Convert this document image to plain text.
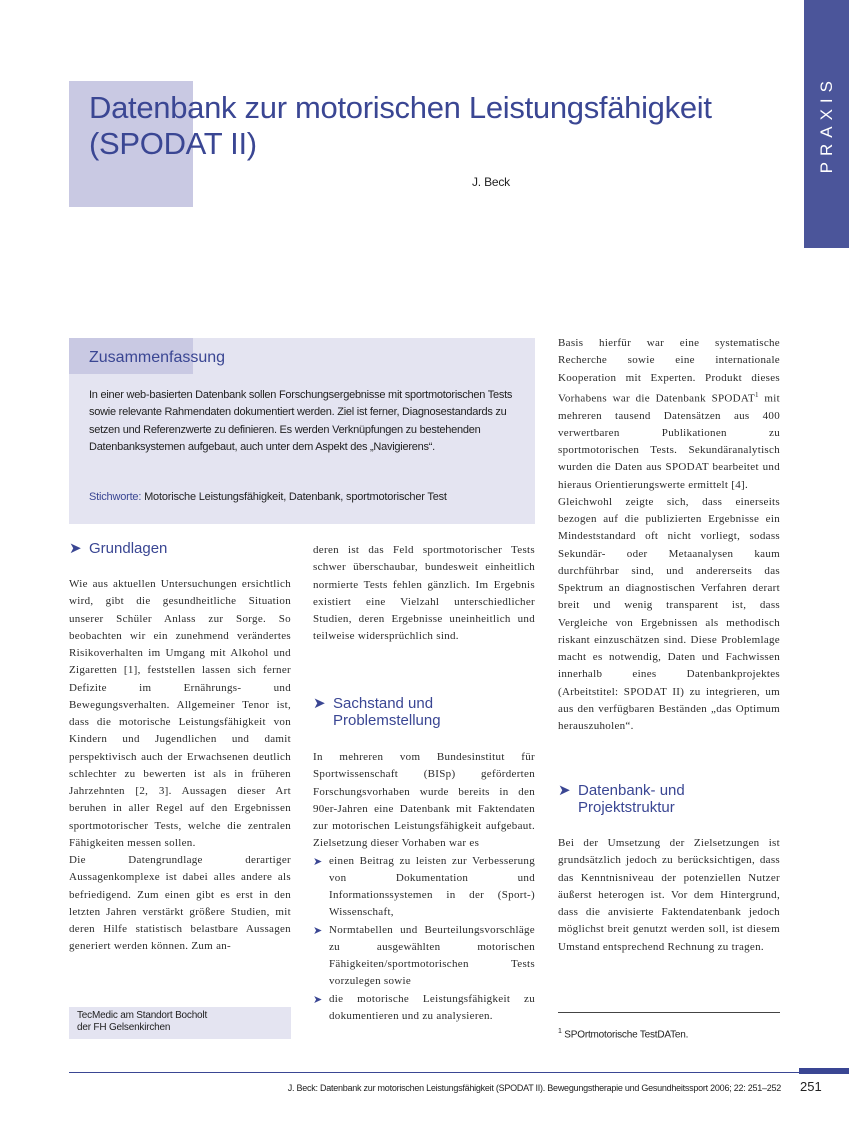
PRAXIS
Datenbank zur motorischen Leistungsfähigkeit (SPODAT II)
J. Beck
Zusammenfassung
In einer web-basierten Datenbank sollen Forschungsergebnisse mit sportmotorischen Tests sowie relevante Rahmendaten dokumentiert werden. Ziel ist ferner, Diagnosestandards zu setzen und Referenzwerte zu definieren. Es werden Verknüpfungen zu bestehenden Datenbanksystemen aufgebaut, auch unter dem Aspekt des „Navigierens“.
Stichworte: Motorische Leistungsfähigkeit, Datenbank, sportmotorischer Test
➤ Grundlagen

Wie aus aktuellen Untersuchungen ersichtlich wird, gibt die gesundheitliche Situation unserer Schüler Anlass zur Sorge. So beobachten wir ein zunehmend verändertes Risikoverhalten im Umgang mit Alkohol und Zigaretten [1], feststellen lassen sich ferner Defizite im Ernährungs- und Bewegungsverhalten. Allgemeiner Tenor ist, dass die motorische Leistungsfähigkeit von Kindern und Jugendlichen und damit perspektivisch auch der Erwachsenen deutlich schlechter zu bewerten ist als in früheren Jahrzehnten [2, 3]. Aussagen dieser Art beruhen in aller Regel auf den Ergebnissen sportmotorischer Tests, welche die zentralen Fähigkeiten messen sollen.

Die Datengrundlage derartiger Aussagenkomplexe ist dabei alles andere als befriedigend. Zum einen gibt es erst in den letzten Jahren verstärkt größere Studien, mit deren Hilfe statistisch belastbare Aussagen generiert werden können. Zum an-

deren ist das Feld sportmotorischer Tests schwer überschaubar, bundesweit einheitlich normierte Tests fehlen gänzlich. Im Ergebnis existiert eine Vielzahl unterschiedlicher Studien, deren Ergebnisse uneinheitlich und teilweise widersprüchlich sind.

➤ Sachstand und Problemstellung

In mehreren vom Bundesinstitut für Sportwissenschaft (BISp) geförderten Forschungsvorhaben wurde bereits in den 90er-Jahren eine Datenbank mit Faktendaten zur motorischen Leistungsfähigkeit aufgebaut. Zielsetzung dieser Vorhaben war es

➤ einen Beitrag zu leisten zur Verbesserung von Dokumentation und Informationssystemen in der (Sport-) Wissenschaft,
➤ Normtabellen und Beurteilungsvorschläge zu ausgewählten motorischen Fähigkeiten/sportmotorischen Tests vorzulegen sowie
➤ die motorische Leistungsfähigkeit zu dokumentieren und zu analysieren.

Basis hierfür war eine systematische Recherche sowie eine internationale Kooperation mit Experten. Produkt dieses Vorhabens war die Datenbank SPODAT$^1$ mit mehreren tausend Datensätzen aus 400 verwertbaren Publikationen zu sportmotorischen Tests. Sekundäranalytisch wurden die Daten aus SPODAT bearbeitet und hieraus Orientierungswerte ermittelt [4].

Gleichwohl zeigte sich, dass einerseits bezogen auf die publizierten Ergebnisse ein Mindeststandard oft nicht vorliegt, sodass Sekundär- oder Metaanalysen kaum durchführbar sind, und andererseits das Spektrum an diagnostischen Verfahren derart breit und wenig transparent ist, dass Vergleiche von Ergebnissen als methodisch riskant einzuschätzen sind. Diese Problemlage macht es notwendig, Daten und Fachwissen innerhalb eines Datenbankprojektes (Arbeitstitel: SPODAT II) zu integrieren, um aus den verfügbaren Beständen „das Optimum herauszuholen“.

➤ Datenbank- und Projektstruktur

Bei der Umsetzung der Zielsetzungen ist grundsätzlich jedoch zu berücksichtigen, dass das Kenntnisniveau der potenziellen Nutzer äußerst heterogen ist. Vor dem Hintergrund, dass die anvisierte Faktendatenbank jedoch möglichst breit genutzt werden soll, ist diesem Umstand entsprechend Rechnung zu tragen.

TecMedic am Standort Bocholt
der FH Gelsenkirchen	$^1$ SPOrtmotorische TestDATen.
J. Beck: Datenbank zur motorischen Leistungsfähigkeit (SPODAT II). Bewegungstherapie und Gesundheitssport 2006; 22: 251–252 251
